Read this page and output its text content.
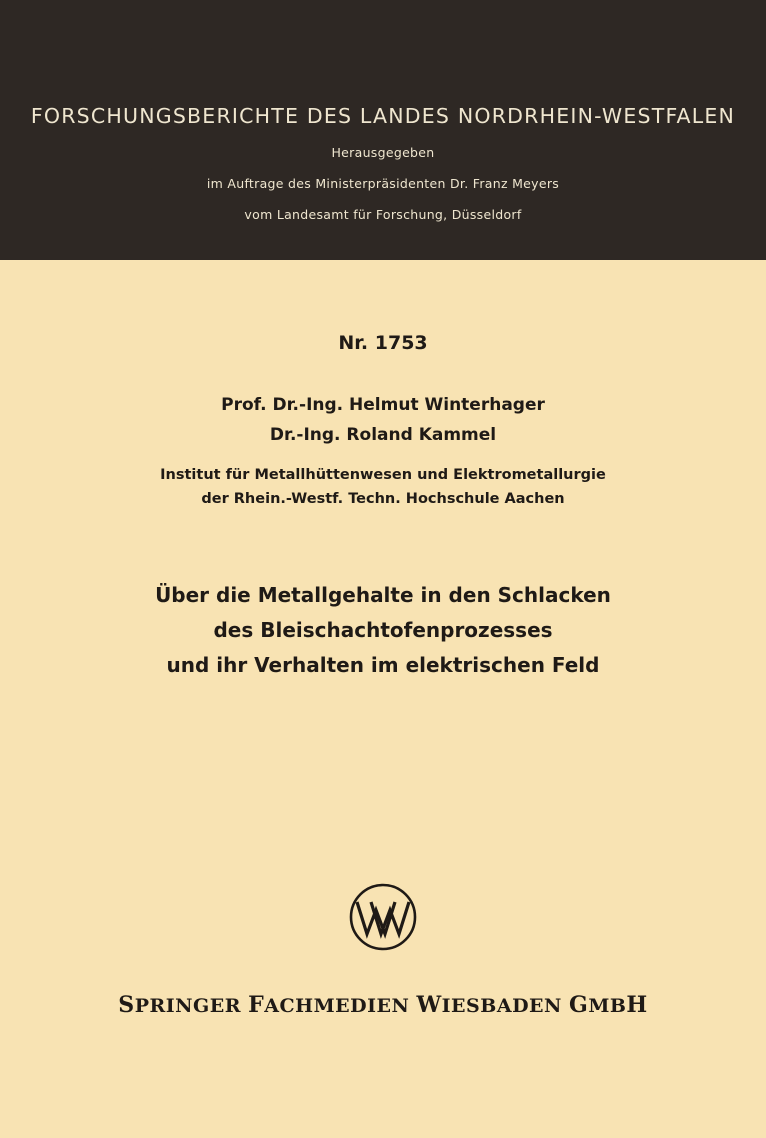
FORSCHUNGSBERICHTE DES LANDES NORDRHEIN-WESTFALEN
Herausgegeben
im Auftrage des Ministerpräsidenten Dr. Franz Meyers
vom Landesamt für Forschung, Düsseldorf
Nr. 1753
Prof. Dr.-Ing. Helmut Winterhager
Dr.-Ing. Roland Kammel
Institut für Metallhüttenwesen und Elektrometallurgie
der Rhein.-Westf. Techn. Hochschule Aachen
Über die Metallgehalte in den Schlacken
des Bleischachtofenprozesses
und ihr Verhalten im elektrischen Feld
SPRINGER FACHMEDIEN WIESBADEN GMBH
